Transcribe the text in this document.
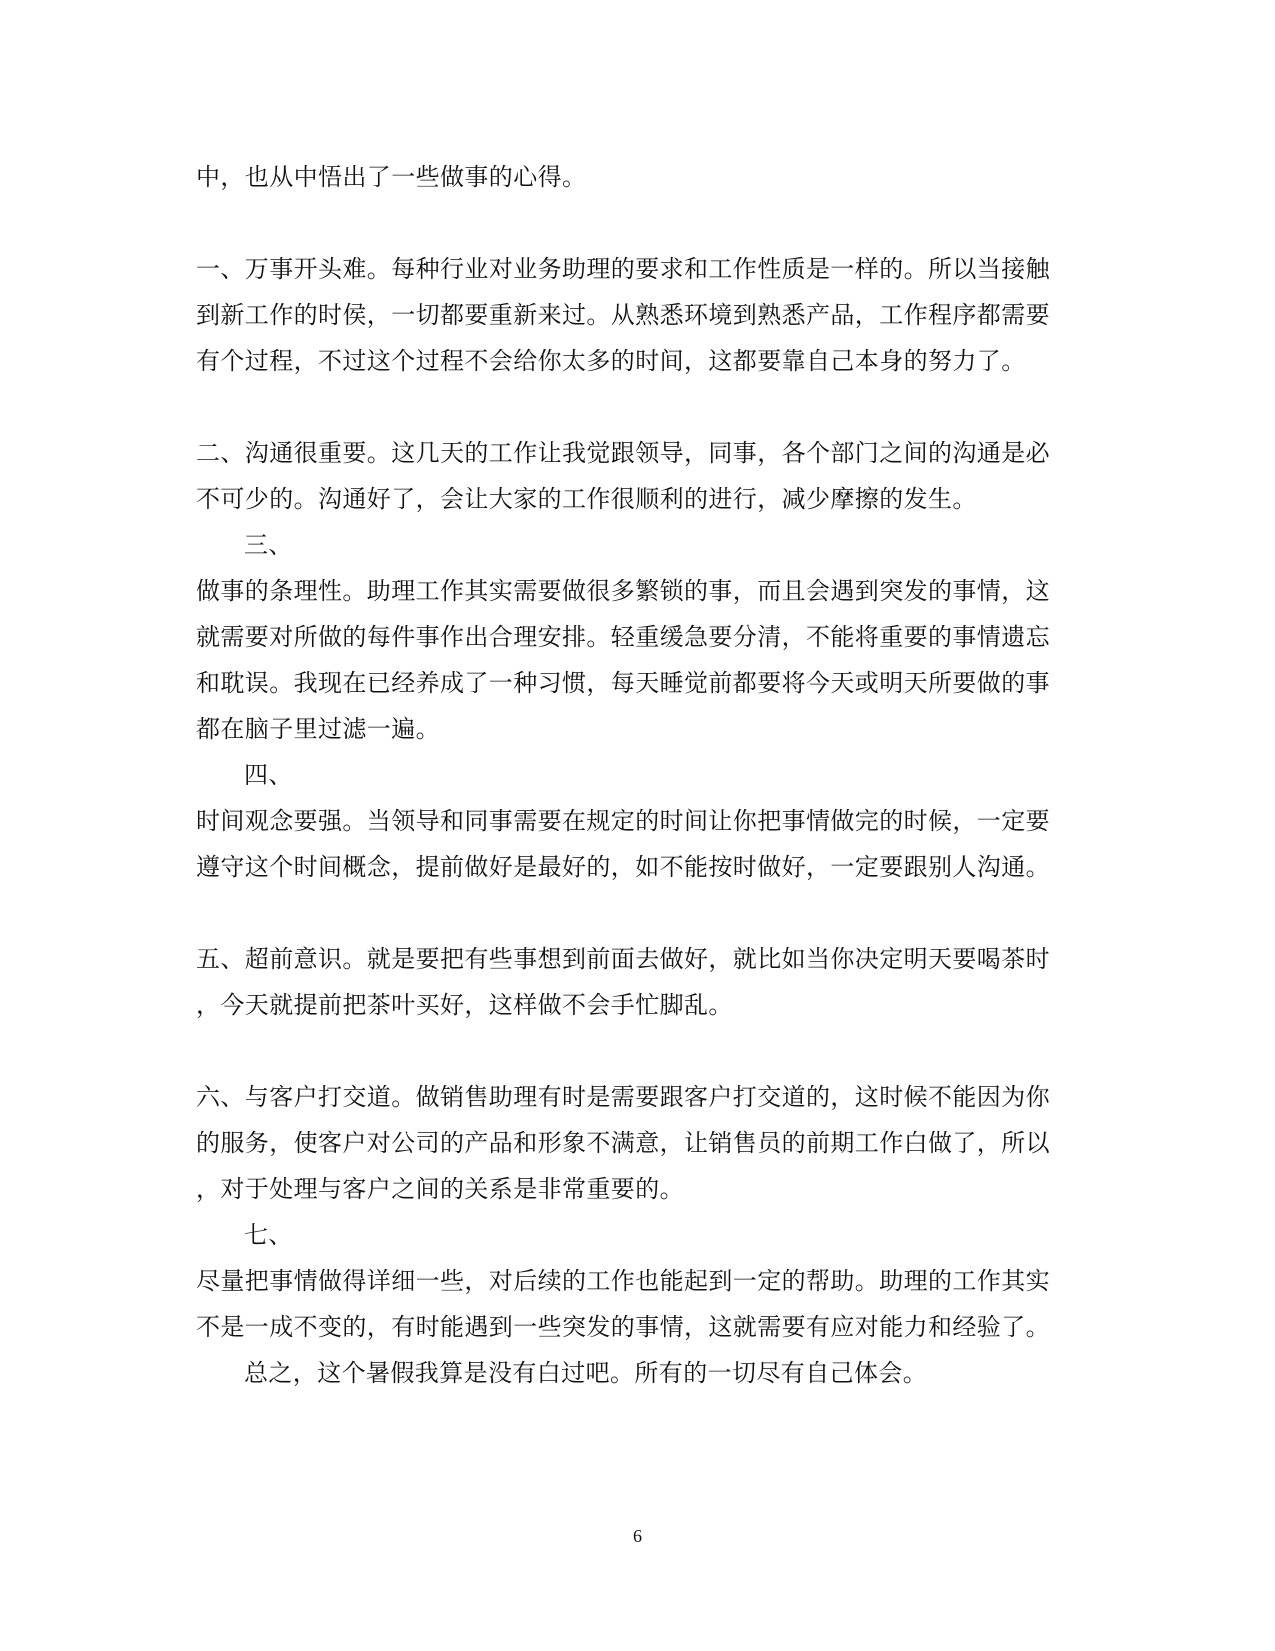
中，也从中悟出了一些做事的心得。
一、万事开头难。每种行业对业务助理的要求和工作性质是一样的。所以当接触
到新工作的时侯，一切都要重新来过。从熟悉环境到熟悉产品，工作程序都需要
有个过程，不过这个过程不会给你太多的时间，这都要靠自己本身的努力了。
二、沟通很重要。这几天的工作让我觉跟领导，同事，各个部门之间的沟通是必
不可少的。沟通好了，会让大家的工作很顺利的进行，减少摩擦的发生。
三、
做事的条理性。助理工作其实需要做很多繁锁的事，而且会遇到突发的事情，这
就需要对所做的每件事作出合理安排。轻重缓急要分清，不能将重要的事情遗忘
和耽误。我现在已经养成了一种习惯，每天睡觉前都要将今天或明天所要做的事
都在脑子里过滤一遍。
四、
时间观念要强。当领导和同事需要在规定的时间让你把事情做完的时候，一定要
遵守这个时间概念，提前做好是最好的，如不能按时做好，一定要跟别人沟通。
五、超前意识。就是要把有些事想到前面去做好，就比如当你决定明天要喝茶时
，今天就提前把茶叶买好，这样做不会手忙脚乱。
六、与客户打交道。做销售助理有时是需要跟客户打交道的，这时候不能因为你
的服务，使客户对公司的产品和形象不满意，让销售员的前期工作白做了，所以
，对于处理与客户之间的关系是非常重要的。
七、
尽量把事情做得详细一些，对后续的工作也能起到一定的帮助。助理的工作其实
不是一成不变的，有时能遇到一些突发的事情，这就需要有应对能力和经验了。
总之，这个暑假我算是没有白过吧。所有的一切尽有自己体会。
6
